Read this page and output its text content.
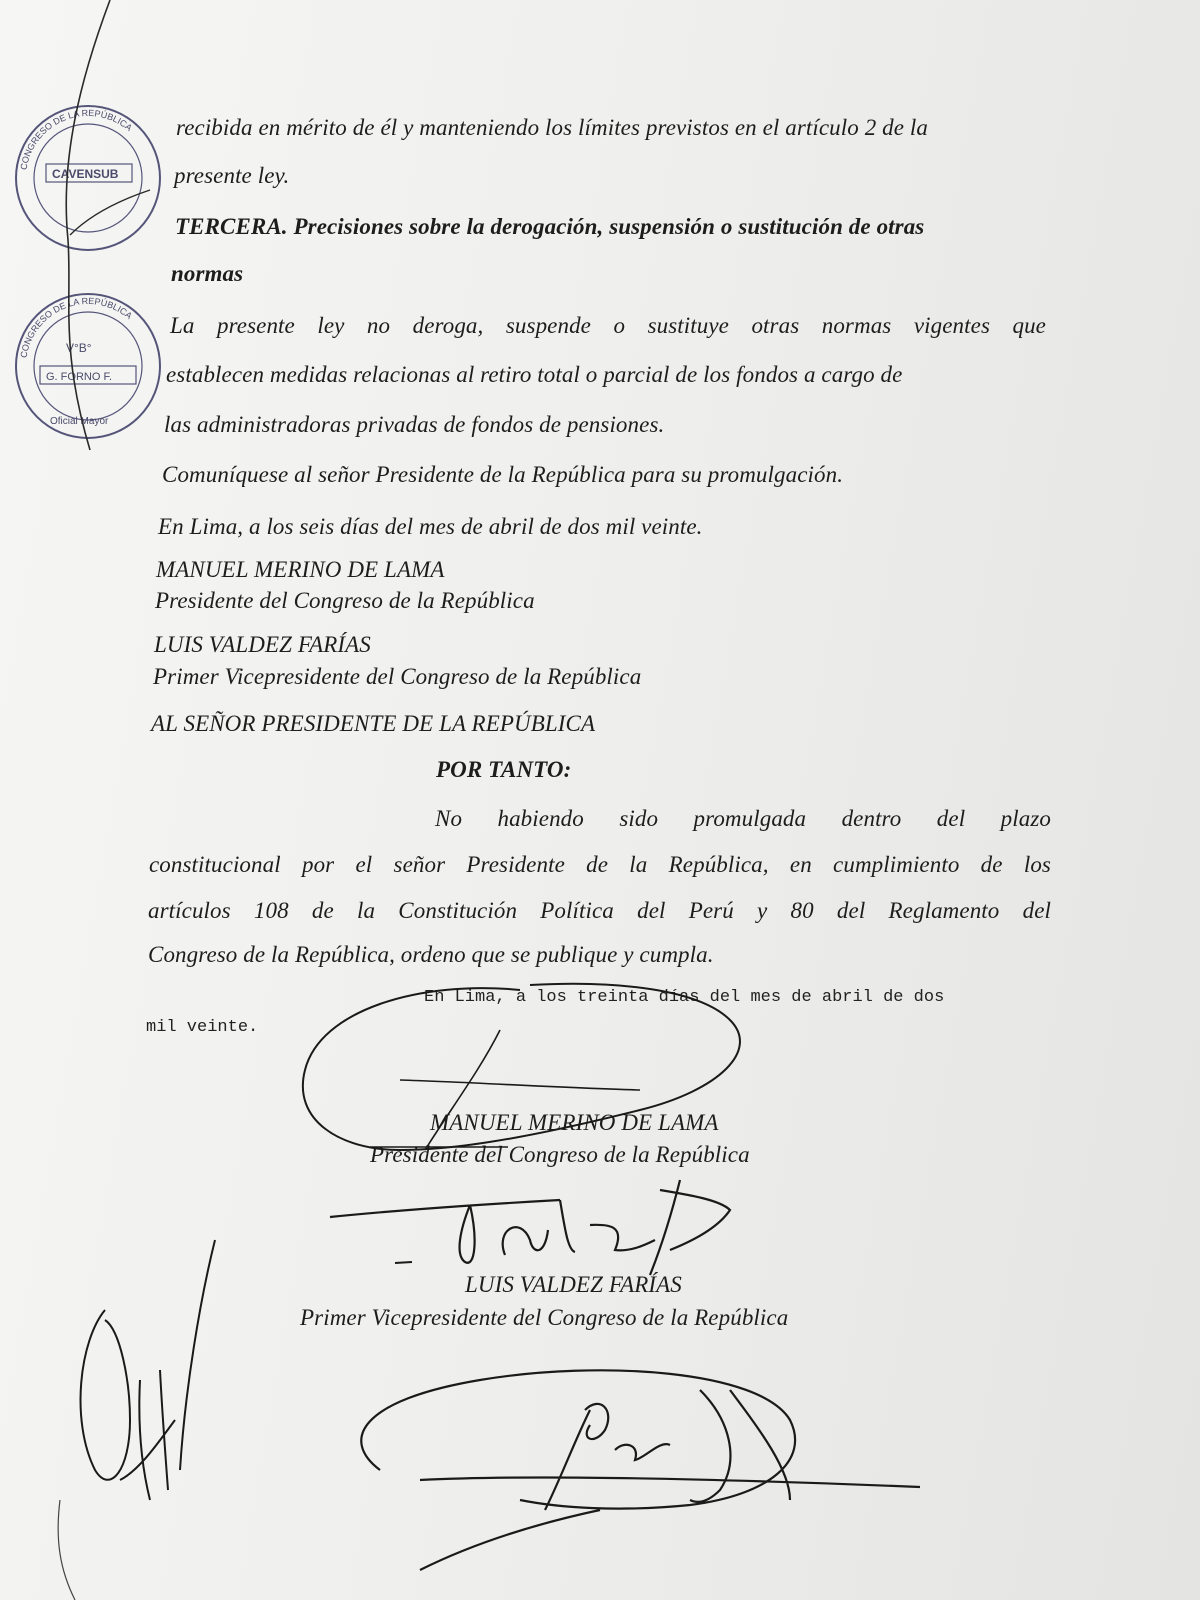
recibida en mérito de él y manteniendo los límites previstos en el artículo 2 de la
presente ley.
TERCERA. Precisiones sobre la derogación, suspensión o sustitución de otras
normas
La presente ley no deroga, suspende o sustituye otras normas vigentes que
establecen medidas relacionas al retiro total o parcial de los fondos a cargo de
las administradoras privadas de fondos de pensiones.
Comuníquese al señor Presidente de la República para su promulgación.
En Lima, a los seis días del mes de abril de dos mil veinte.
MANUEL MERINO DE LAMA
Presidente del Congreso de la República
LUIS VALDEZ FARÍAS
Primer Vicepresidente del Congreso de la República
AL SEÑOR PRESIDENTE DE LA REPÚBLICA
POR TANTO:
No habiendo sido promulgada dentro del plazo
constitucional por el señor Presidente de la República, en cumplimiento de los
artículos 108 de la Constitución Política del Perú y 80 del Reglamento del
Congreso de la República, ordeno que se publique y cumpla.
En Lima, a los treinta días del mes de abril de dos
mil veinte.
MANUEL MERINO DE LAMA
Presidente del Congreso de la República
LUIS VALDEZ FARÍAS
Primer Vicepresidente del Congreso de la República
CONGRESO DE LA REPÚBLICA
CAVENSUB
CONGRESO DE LA REPÚBLICA
V°B°
G. FORNO F.
Oficial Mayor
